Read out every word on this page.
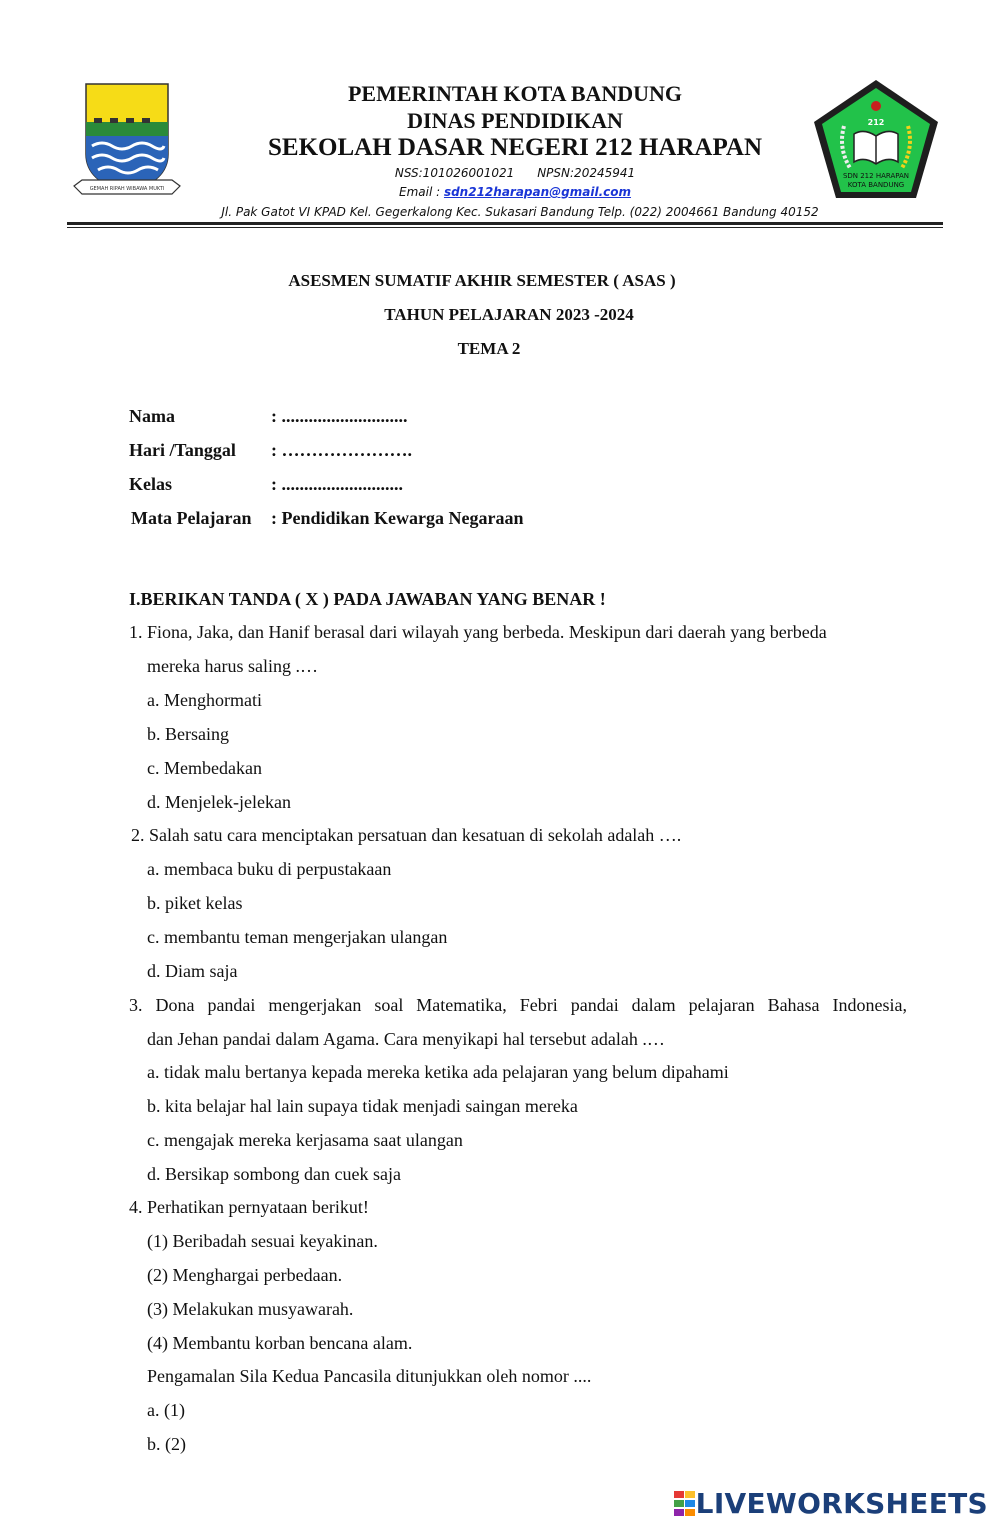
GEMAH RIPAH WIBAWA MUKTI
212
SDN 212 HARAPAN
KOTA BANDUNG
PEMERINTAH KOTA BANDUNG
DINAS PENDIDIKAN
SEKOLAH DASAR NEGERI 212 HARAPAN
NSS:101026001021 NPSN:20245941
Email : sdn212harapan@gmail.com
Jl. Pak Gatot VI KPAD Kel. Gegerkalong Kec. Sukasari Bandung Telp. (022) 2004661 Bandung 40152
ASESMEN SUMATIF AKHIR SEMESTER ( ASAS )
TAHUN PELAJARAN 2023 -2024
TEMA 2
Nama	: ............................
Hari /Tanggal : ………………….
Kelas	: ...........................
Mata Pelajaran : Pendidikan Kewarga Negaraan
I.BERIKAN TANDA ( X ) PADA JAWABAN YANG BENAR !
1. Fiona, Jaka, dan Hanif berasal dari wilayah yang berbeda. Meskipun dari daerah yang berbeda
mereka harus saling .…
a. Menghormati
b. Bersaing
c. Membedakan
d. Menjelek-jelekan
2. Salah satu cara menciptakan persatuan dan kesatuan di sekolah adalah ….
a. membaca buku di perpustakaan
b. piket kelas
c. membantu teman mengerjakan ulangan
d. Diam saja
3. Dona pandai mengerjakan soal Matematika, Febri pandai dalam pelajaran Bahasa Indonesia,
dan Jehan pandai dalam Agama. Cara menyikapi hal tersebut adalah .…
a. tidak malu bertanya kepada mereka ketika ada pelajaran yang belum dipahami
b. kita belajar hal lain supaya tidak menjadi saingan mereka
c. mengajak mereka kerjasama saat ulangan
d. Bersikap sombong dan cuek saja
4. Perhatikan pernyataan berikut!
(1) Beribadah sesuai keyakinan.
(2) Menghargai perbedaan.
(3) Melakukan musyawarah.
(4) Membantu korban bencana alam.
Pengamalan Sila Kedua Pancasila ditunjukkan oleh nomor ....
a. (1)
b. (2)
LIVEWORKSHEETS
